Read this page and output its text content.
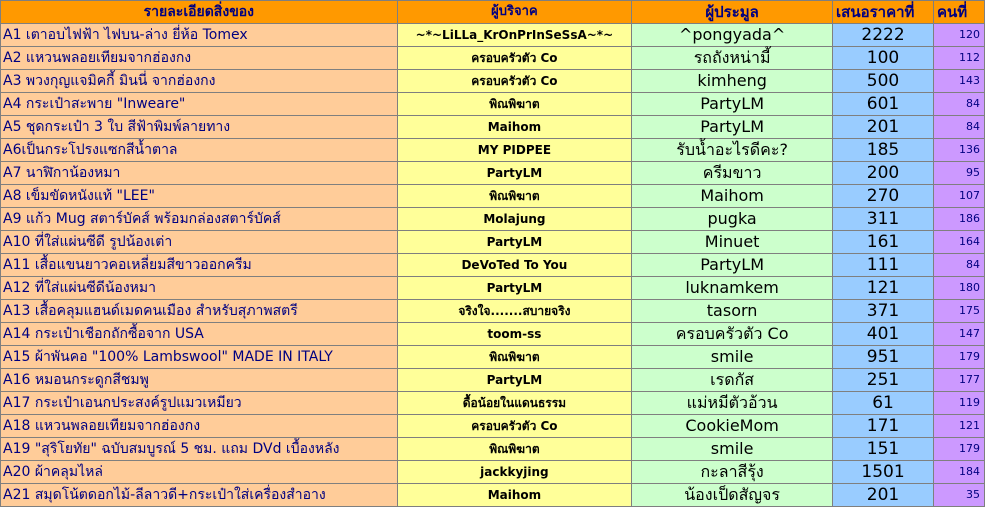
รายละเอียดสิ่งของ	ผู้บริจาค	ผู้ประมูล	เสนอราคาที่	คนที่
A1 เตาอบไฟฟ้า ไฟบน-ล่าง ยี่ห้อ Tomex	~*~LiLLa_KrOnPrInSeSsA~*~	^pongyada^	2222	120
A2 แหวนพลอยเทียมจากฮ่องกง	ครอบครัวตัว Co	รถถังหน่ามี้	100	112
A3 พวงกุญแจมิคกี้ มินนี่ จากฮ่องกง	ครอบครัวตัว Co	kimheng	500	143
A4 กระเป๋าสะพาย "Inweare"	พิณพิฆาต	PartyLM	601	84
A5 ชุดกระเป๋า 3 ใบ สีฟ้าพิมพ์ลายทาง	Maihom	PartyLM	201	84
A6เป็นกระโปรงแซกสีน้ำตาล	MY PIDPEE	รับน้ำอะไรดีคะ?	185	136
A7 นาฬิกาน้องหมา	PartyLM	ครีมขาว	200	95
A8 เข็มขัดหนังแท้ "LEE"	พิณพิฆาต	Maihom	270	107
A9 แก้ว Mug สตาร์บัคส์ พร้อมกล่องสตาร์บัคส์	Molajung	pugka	311	186
A10 ที่ใส่แผ่นซีดี รูปน้องเต่า	PartyLM	Minuet	161	164
A11 เสื้อแขนยาวคอเหลี่ยมสีขาวออกครีม	DeVoTed To You	PartyLM	111	84
A12 ที่ใส่แผ่นซีดีน้องหมา	PartyLM	luknamkem	121	180
A13 เสื้อคลุมแฮนด์เมดคนเมือง สำหรับสุภาพสตรี	จริงใจ.......สบายจริง	tasorn	371	175
A14 กระเป๋าเชือกถักซื้อจาก USA	toom-ss	ครอบครัวตัว Co	401	147
A15 ผ้าพันคอ "100% Lambswool" MADE IN ITALY	พิณพิฆาต	smile	951	179
A16 หมอนกระดูกสีชมพู	PartyLM	เรดกัส	251	177
A17 กระเป๋าเอนกประสงค์รูปแมวเหมียว	ดื้อน้อยในแดนธรรม	แม่หมีตัวอ้วน	61	119
A18 แหวนพลอยเทียมจากฮ่องกง	ครอบครัวตัว Co	CookieMom	171	121
A19 "สุริโยทัย" ฉบับสมบูรณ์ 5 ชม. แถม DVd เบื้องหลัง	พิณพิฆาต	smile	151	179
A20 ผ้าคลุมไหล่	jackkyjing	กะลาสีรุ้ง	1501	184
A21 สมุดโน้ตดอกไม้-ลีลาวดี+กระเป๋าใส่เครื่องสำอาง	Maihom	น้องเป็ดสัญจร	201	35
